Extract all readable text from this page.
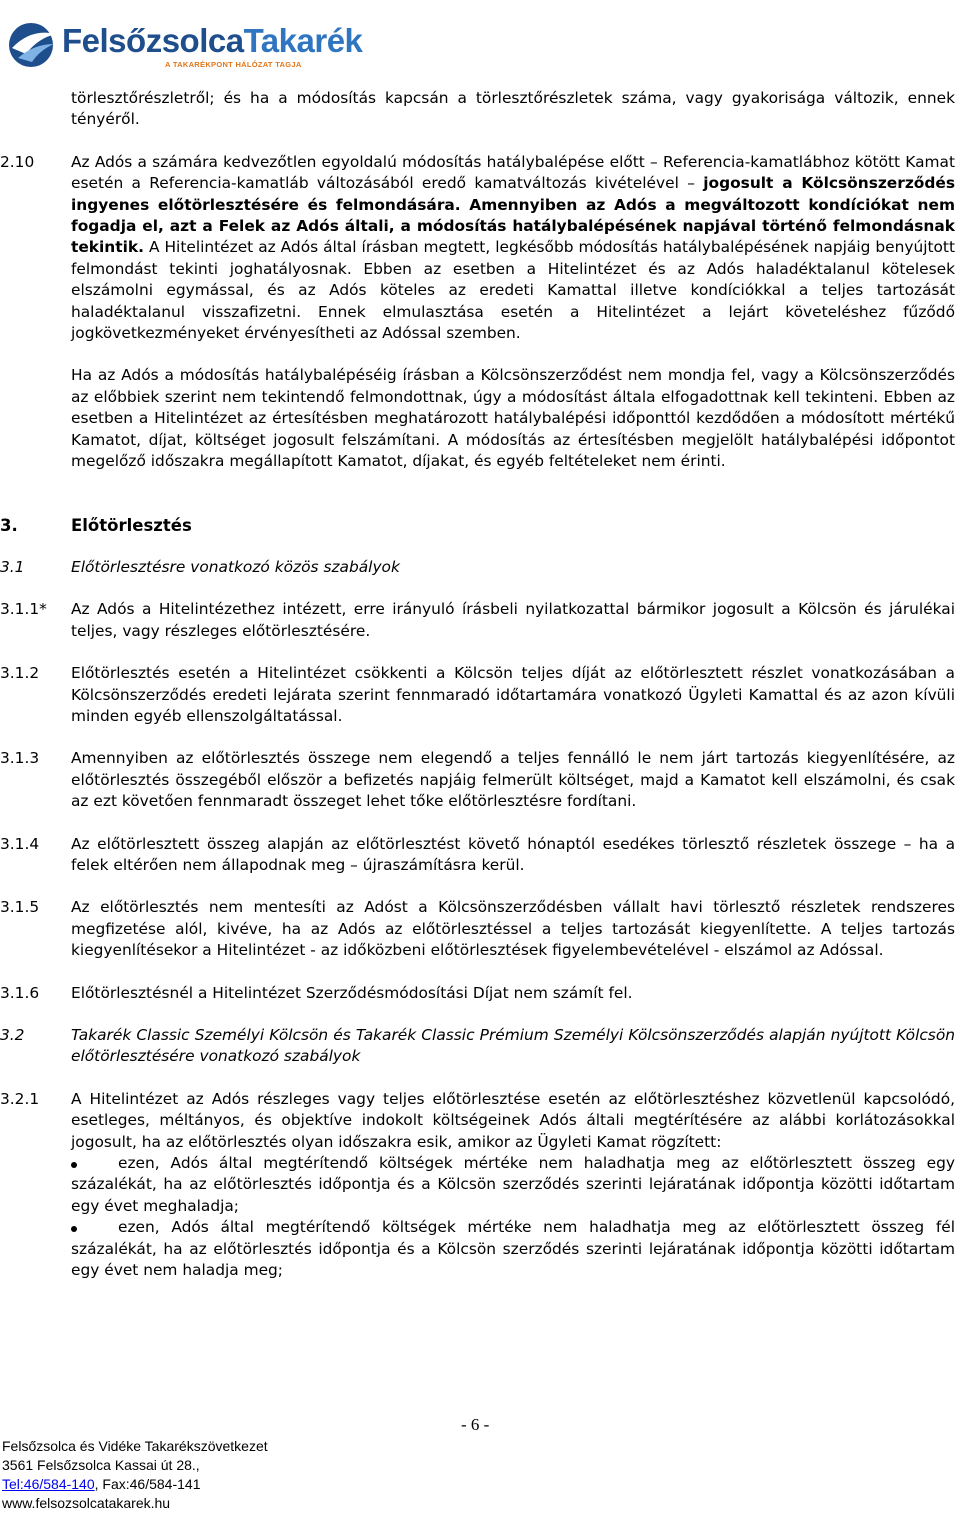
FelsőzsolcaTakarék
A TAKARÉKPONT HÁLÓZAT TAGJA

törlesztőrészletről; és ha a módosítás kapcsán a törlesztőrészletek száma, vagy gyakorisága változik, ennek tényéről.

2.10 Az Adós a számára kedvezőtlen egyoldalú módosítás hatálybalépése előtt – Referencia-kamatlábhoz kötött Kamat esetén a Referencia-kamatláb változásából eredő kamatváltozás kivételével – jogosult a Kölcsönszerződés ingyenes előtörlesztésére és felmondására. Amennyiben az Adós a megváltozott kondíciókat nem fogadja el, azt a Felek az Adós általi, a módosítás hatálybalépésének napjával történő felmondásnak tekintik. A Hitelintézet az Adós által írásban megtett, legkésőbb módosítás hatálybalépésének napjáig benyújtott felmondást tekinti joghatályosnak. Ebben az esetben a Hitelintézet és az Adós haladéktalanul kötelesek elszámolni egymással, és az Adós köteles az eredeti Kamattal illetve kondíciókkal a teljes tartozását haladéktalanul visszafizetni. Ennek elmulasztása esetén a Hitelintézet a lejárt követeléshez fűződő jogkövetkezményeket érvényesítheti az Adóssal szemben.

Ha az Adós a módosítás hatálybalépéséig írásban a Kölcsönszerződést nem mondja fel, vagy a Kölcsönszerződés az előbbiek szerint nem tekintendő felmondottnak, úgy a módosítást általa elfogadottnak kell tekinteni. Ebben az esetben a Hitelintézet az értesítésben meghatározott hatálybalépési időponttól kezdődően a módosított mértékű Kamatot, díjat, költséget jogosult felszámítani. A módosítás az értesítésben megjelölt hatálybalépési időpontot megelőző időszakra megállapított Kamatot, díjakat, és egyéb feltételeket nem érinti.

3.	Előtörlesztés
3.1	Előtörlesztésre vonatkozó közös szabályok
3.1.1* Az Adós a Hitelintézethez intézett, erre irányuló írásbeli nyilatkozattal bármikor jogosult a Kölcsön és járulékai teljes, vagy részleges előtörlesztésére.

3.1.2 Előtörlesztés esetén a Hitelintézet csökkenti a Kölcsön teljes díját az előtörlesztett részlet vonatkozásában a Kölcsönszerződés eredeti lejárata szerint fennmaradó időtartamára vonatkozó Ügyleti Kamattal és az azon kívüli minden egyéb ellenszolgáltatással.

3.1.3 Amennyiben az előtörlesztés összege nem elegendő a teljes fennálló le nem járt tartozás kiegyenlítésére, az előtörlesztés összegéből először a befizetés napjáig felmerült költséget, majd a Kamatot kell elszámolni, és csak az ezt követően fennmaradt összeget lehet tőke előtörlesztésre fordítani.

3.1.4 Az előtörlesztett összeg alapján az előtörlesztést követő hónaptól esedékes törlesztő részletek összege – ha a felek eltérően nem állapodnak meg – újraszámításra kerül.

3.1.5 Az előtörlesztés nem mentesíti az Adóst a Kölcsönszerződésben vállalt havi törlesztő részletek rendszeres megfizetése alól, kivéve, ha az Adós az előtörlesztéssel a teljes tartozását kiegyenlítette. A teljes tartozás kiegyenlítésekor a Hitelintézet - az időközbeni előtörlesztések figyelembevételével - elszámol az Adóssal.

3.1.6 Előtörlesztésnél a Hitelintézet Szerződésmódosítási Díjat nem számít fel.

3.2	Takarék Classic Személyi Kölcsön és Takarék Classic Prémium Személyi Kölcsönszerződés alapján nyújtott Kölcsön előtörlesztésére vonatkozó szabályok

3.2.1 A Hitelintézet az Adós részleges vagy teljes előtörlesztése esetén az előtörlesztéshez közvetlenül kapcsolódó, esetleges, méltányos, és objektíve indokolt költségeinek Adós általi megtérítésére az alábbi korlátozásokkal jogosult, ha az előtörlesztés olyan időszakra esik, amikor az Ügyleti Kamat rögzített:

ezen, Adós által megtérítendő költségek mértéke nem haladhatja meg az előtörlesztett összeg egy százalékát, ha az előtörlesztés időpontja és a Kölcsön szerződés szerinti lejáratának időpontja közötti időtartam egy évet meghaladja;
ezen, Adós által megtérítendő költségek mértéke nem haladhatja meg az előtörlesztett összeg fél százalékát, ha az előtörlesztés időpontja és a Kölcsön szerződés szerinti lejáratának időpontja közötti időtartam egy évet nem haladja meg;
- 6 -
Felsőzsolca és Vidéke Takarékszövetkezet
3561 Felsőzsolca Kassai út 28.,
Tel:46/584-140, Fax:46/584-141
www.felsozsolcatakarek.hu
